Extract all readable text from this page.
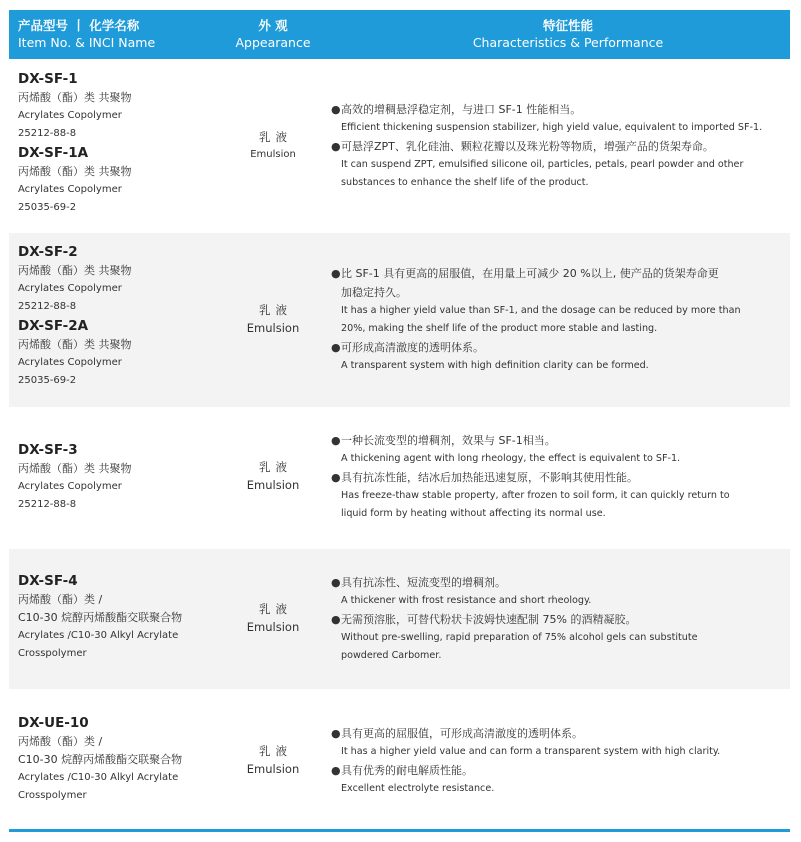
产品型号 丨 化学名称
Item No. & INCI Name
外 观
Appearance
特征性能
Characteristics & Performance
DX-SF-1
丙烯酸（酯）类 共聚物
Acrylates Copolymer
25212-88-8
DX-SF-1A
丙烯酸（酯）类 共聚物
Acrylates Copolymer
25035-69-2
乳液
Emulsion
●高效的增稠悬浮稳定剂，与进口 SF-1 性能相当。
Efficient thickening suspension stabilizer, high yield value, equivalent to imported SF-1.
●可悬浮ZPT、乳化硅油、颗粒花瓣以及珠光粉等物质，增强产品的货架寿命。
It can suspend ZPT, emulsified silicone oil, particles, petals, pearl powder and other
substances to enhance the shelf life of the product.
DX-SF-2
丙烯酸（酯）类 共聚物
Acrylates Copolymer
25212-88-8
DX-SF-2A
丙烯酸（酯）类 共聚物
Acrylates Copolymer
25035-69-2
乳液
Emulsion
●比 SF-1 具有更高的屈服值，在用量上可减少 20 %以上, 使产品的货架寿命更
加稳定持久。
It has a higher yield value than SF-1, and the dosage can be reduced by more than
20%, making the shelf life of the product more stable and lasting.
●可形成高清澈度的透明体系。
A transparent system with high definition clarity can be formed.
DX-SF-3
丙烯酸（酯）类 共聚物
Acrylates Copolymer
25212-88-8
乳液
Emulsion
●一种长流变型的增稠剂，效果与 SF-1相当。
A thickening agent with long rheology, the effect is equivalent to SF-1.
●具有抗冻性能，结冰后加热能迅速复原，不影响其使用性能。
Has freeze-thaw stable property, after frozen to soil form, it can quickly return to
liquid form by heating without affecting its normal use.
DX-SF-4
丙烯酸（酯）类 /
C10-30 烷醇丙烯酸酯交联聚合物
Acrylates /C10-30 Alkyl Acrylate
Crosspolymer
乳液
Emulsion
●具有抗冻性、短流变型的增稠剂。
A thickener with frost resistance and short rheology.
●无需预溶胀，可替代粉状卡波姆快速配制 75% 的酒精凝胶。
Without pre-swelling, rapid preparation of 75% alcohol gels can substitute
powdered Carbomer.
DX-UE-10
丙烯酸（酯）类 /
C10-30 烷醇丙烯酸酯交联聚合物
Acrylates /C10-30 Alkyl Acrylate
Crosspolymer
乳液
Emulsion
●具有更高的屈服值，可形成高清澈度的透明体系。
It has a higher yield value and can form a transparent system with high clarity.
●具有优秀的耐电解质性能。
Excellent electrolyte resistance.
